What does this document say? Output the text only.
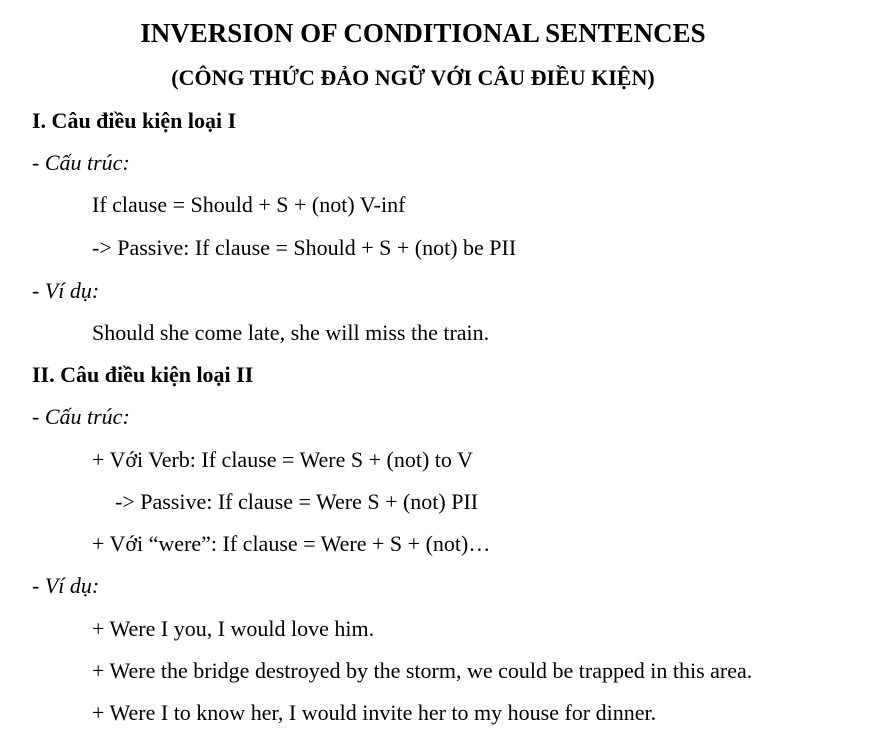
INVERSION OF CONDITIONAL SENTENCES
(CÔNG THỨC ĐẢO NGỮ VỚI CÂU ĐIỀU KIỆN)
I. Câu điều kiện loại I
- Cấu trúc:
If clause = Should + S + (not) V-inf
-> Passive: If clause = Should + S + (not) be PII
- Ví dụ:
Should she come late, she will miss the train.
II. Câu điều kiện loại II
- Cấu trúc:
+ Với Verb: If clause = Were S + (not) to V
-> Passive: If clause = Were S + (not) PII
+ Với “were”: If clause = Were + S + (not)…
- Ví dụ:
+ Were I you, I would love him.
+ Were the bridge destroyed by the storm, we could be trapped in this area.
+ Were I to know her, I would invite her to my house for dinner.
